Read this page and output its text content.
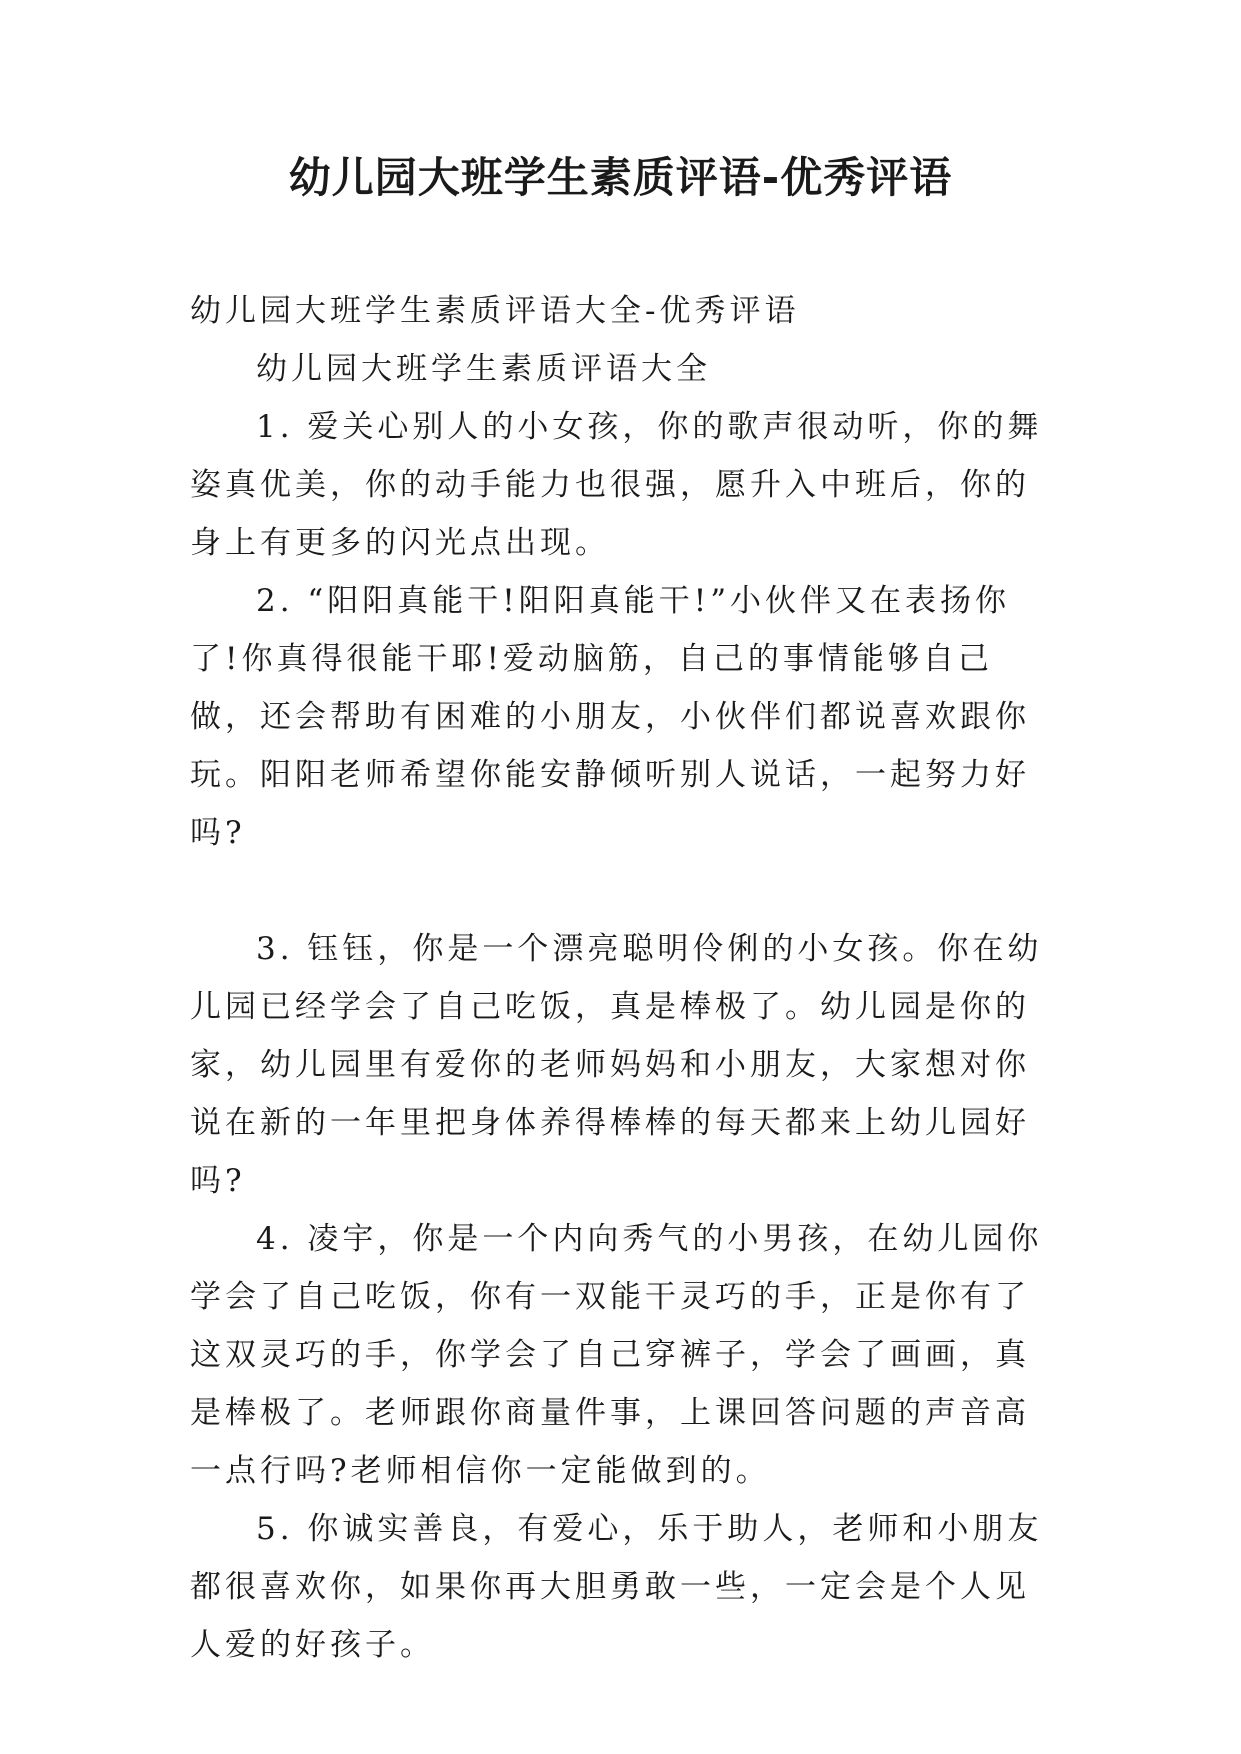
幼儿园大班学生素质评语-优秀评语

幼儿园大班学生素质评语大全-优秀评语

幼儿园大班学生素质评语大全

1. 爱关心别人的小女孩，你的歌声很动听，你的舞姿真优美，你的动手能力也很强，愿升入中班后，你的身上有更多的闪光点出现。

2. “阳阳真能干!阳阳真能干!”小伙伴又在表扬你了!你真得很能干耶!爱动脑筋，自己的事情能够自己做，还会帮助有困难的小朋友，小伙伴们都说喜欢跟你玩。阳阳老师希望你能安静倾听别人说话，一起努力好吗?

3. 钰钰，你是一个漂亮聪明伶俐的小女孩。你在幼儿园已经学会了自己吃饭，真是棒极了。幼儿园是你的家，幼儿园里有爱你的老师妈妈和小朋友，大家想对你说在新的一年里把身体养得棒棒的每天都来上幼儿园好吗?

4. 凌宇，你是一个内向秀气的小男孩，在幼儿园你学会了自己吃饭，你有一双能干灵巧的手，正是你有了这双灵巧的手，你学会了自己穿裤子，学会了画画，真是棒极了。老师跟你商量件事，上课回答问题的声音高一点行吗?老师相信你一定能做到的。

5. 你诚实善良，有爱心，乐于助人，老师和小朋友都很喜欢你，如果你再大胆勇敢一些，一定会是个人见人爱的好孩子。
